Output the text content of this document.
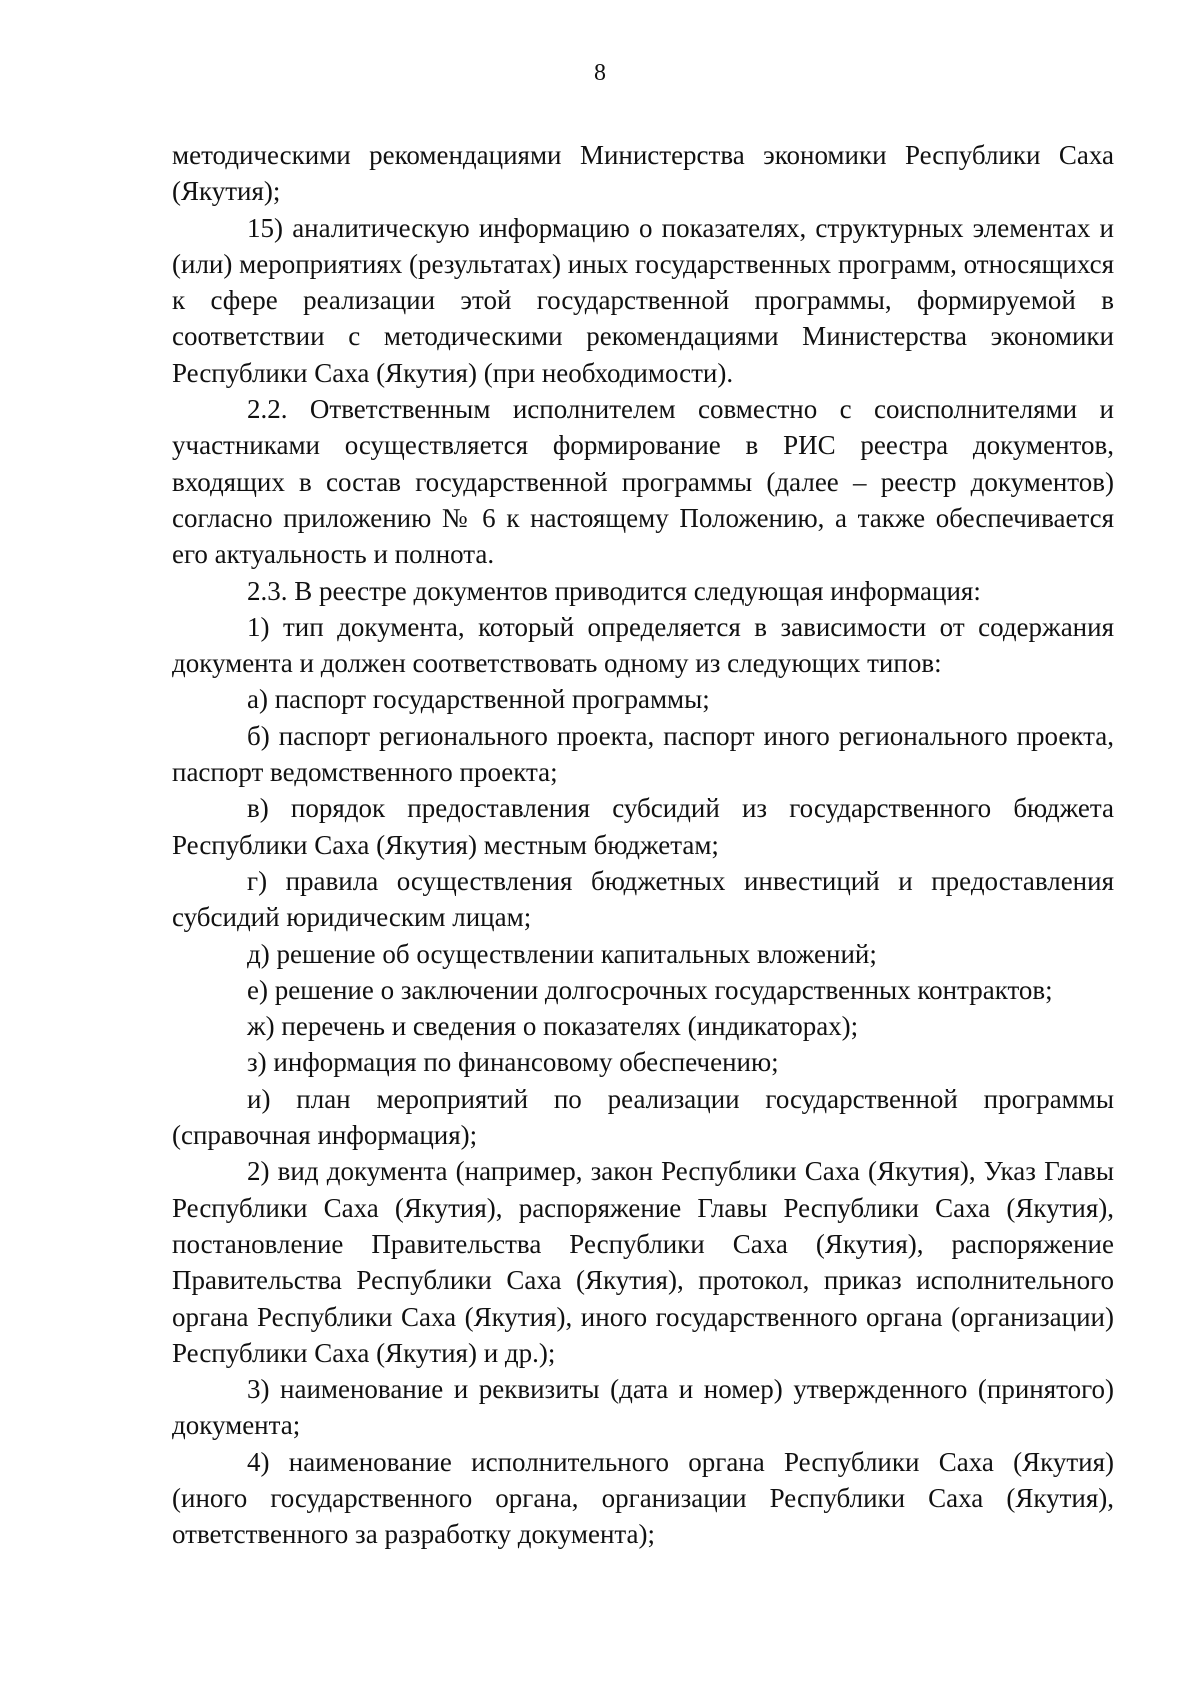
8

методическими рекомендациями Министерства экономики Республики Саха (Якутия);

15) аналитическую информацию о показателях, структурных элементах и (или) мероприятиях (результатах) иных государственных программ, относящихся к сфере реализации этой государственной программы, формируемой в соответствии с методическими рекомендациями Министерства экономики Республики Саха (Якутия) (при необходимости).

2.2. Ответственным исполнителем совместно с соисполнителями и участниками осуществляется формирование в РИС реестра документов, входящих в состав государственной программы (далее – реестр документов) согласно приложению № 6 к настоящему Положению, а также обеспечивается его актуальность и полнота.

2.3. В реестре документов приводится следующая информация:

1) тип документа, который определяется в зависимости от содержания документа и должен соответствовать одному из следующих типов:

а) паспорт государственной программы;

б) паспорт регионального проекта, паспорт иного регионального проекта, паспорт ведомственного проекта;

в) порядок предоставления субсидий из государственного бюджета Республики Саха (Якутия) местным бюджетам;

г) правила осуществления бюджетных инвестиций и предоставления субсидий юридическим лицам;

д) решение об осуществлении капитальных вложений;

е) решение о заключении долгосрочных государственных контрактов;

ж) перечень и сведения о показателях (индикаторах);

з) информация по финансовому обеспечению;

и) план мероприятий по реализации государственной программы (справочная информация);

2) вид документа (например, закон Республики Саха (Якутия), Указ Главы Республики Саха (Якутия), распоряжение Главы Республики Саха (Якутия), постановление Правительства Республики Саха (Якутия), распоряжение Правительства Республики Саха (Якутия), протокол, приказ исполнительного органа Республики Саха (Якутия), иного государственного органа (организации) Республики Саха (Якутия) и др.);

3) наименование и реквизиты (дата и номер) утвержденного (принятого) документа;

4) наименование исполнительного органа Республики Саха (Якутия) (иного государственного органа, организации Республики Саха (Якутия), ответственного за разработку документа);
